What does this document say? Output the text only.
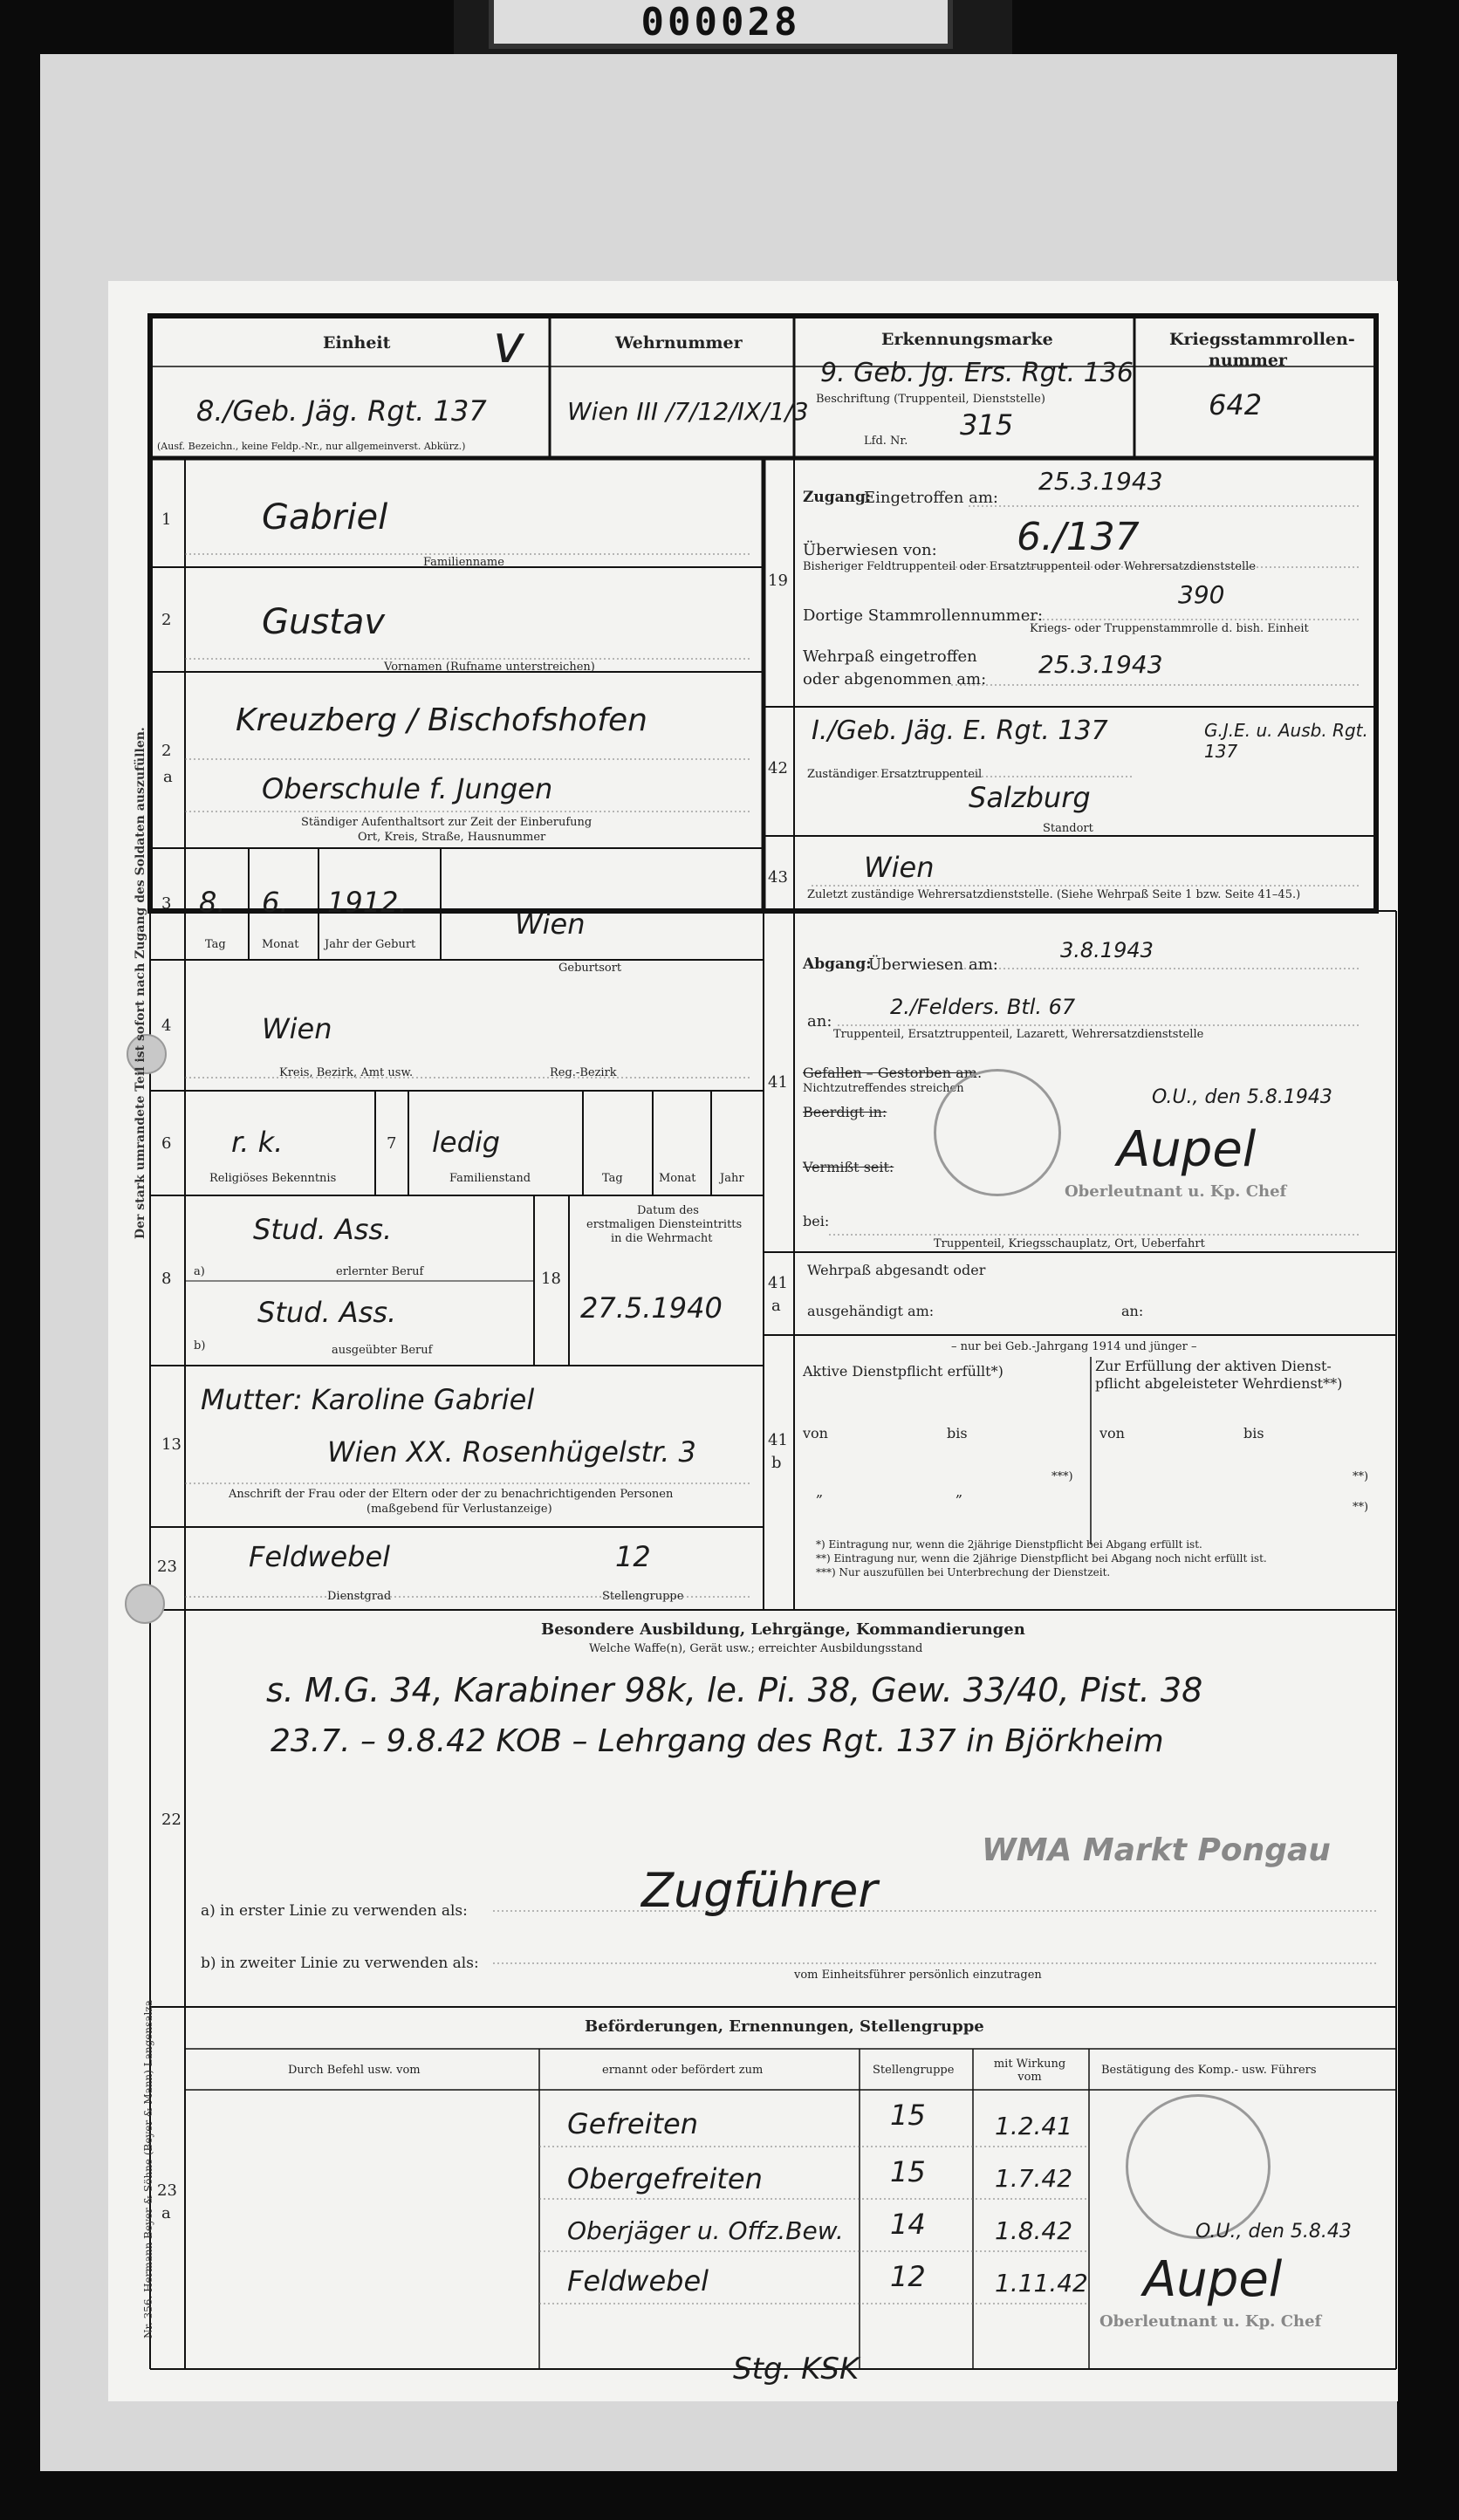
000028
Der stark umrandete Teil ist sofort nach Zugang des Soldaten auszufüllen.
Nr. 356. Hermann Beyer & Söhne (Beyer & Mann) Langensalza
Einheit	Wehrnummer	Erkennungsmarke	Kriegsstammrollen-
nummer
v
8./Geb. Jäg. Rgt. 137
(Ausf. Bezeichn., keine Feldp.-Nr., nur allgemeinverst. Abkürz.)
Wien III /7/12/IX/1/3
9. Geb. Jg. Ers. Rgt. 136
Beschriftung (Truppenteil, Dienststelle)
Lfd. Nr. 315
642
1	Gabriel
Familienname
2	Gustav
Vornamen (Rufname unterstreichen)
2
a
Kreuzberg / Bischofshofen
Oberschule f. Jungen
Ständiger Aufenthaltsort zur Zeit der Einberufung
Ort, Kreis, Straße, Hausnummer
3 8. 6. 1912.
Wien
Tag	Monat Jahr der Geburt
Geburtsort
4	Wien
Kreis, Bezirk, Amt usw.	Reg.-Bezirk
6 r. k.
Religiöses Bekenntnis
7 ledig
Familienstand	Tag	Monat Jahr
8 a)
Stud. Ass.
erlernter Beruf
b)
Stud. Ass.
ausgeübter Beruf
18
Datum des
erstmaligen Diensteintritts
in die Wehrmacht
27.5.1940
13
Mutter: Karoline Gabriel
Wien XX. Rosenhügelstr. 3
Anschrift der Frau oder der Eltern oder der zu benachrichtigenden Personen
(maßgebend für Verlustanzeige)
23	Feldwebel
Dienstgrad
12
Stellengruppe
19
Zugang:
Eingetroffen am:
25.3.1943
Überwiesen von: 6./137
Bisheriger Feldtruppenteil oder Ersatztruppenteil oder Wehrersatzdienststelle
Dortige Stammrollennummer:
390
Kriegs- oder Truppenstammrolle d. bish. Einheit
Wehrpaß eingetroffen
oder abgenommen am:
25.3.1943
42
I./Geb. Jäg. E. Rgt. 137	G.J.E. u. Ausb. Rgt. 137
Zuständiger Ersatztruppenteil
Salzburg
Standort
43	Wien
Zuletzt zuständige Wehrersatzdienststelle. (Siehe Wehrpaß Seite 1 bzw. Seite 41–45.)
41
Abgang:
Überwiesen am:
3.8.1943
an:
2./Felders. Btl. 67
Truppenteil, Ersatztruppenteil, Lazarett, Wehrersatzdienststelle
Gefallen – Gestorben am:
Nichtzutreffendes streichen
Beerdigt in:
Vermißt seit:
bei:
Truppenteil, Kriegsschauplatz, Ort, Ueberfahrt
O.U., den 5.8.1943
Aupel
Oberleutnant u. Kp. Chef
41
a
Wehrpaß abgesandt oder
ausgehändigt am:	an:
41
b
– nur bei Geb.-Jahrgang 1914 und jünger –
Aktive Dienstpflicht erfüllt*)	Zur Erfüllung der aktiven Dienst-
pflicht abgeleisteter Wehrdienst**)
von	bis	von	bis
„	„
***)	**)
**)
*) Eintragung nur, wenn die 2jährige Dienstpflicht bei Abgang erfüllt ist.
**) Eintragung nur, wenn die 2jährige Dienstpflicht bei Abgang noch nicht erfüllt ist.
***) Nur auszufüllen bei Unterbrechung der Dienstzeit.
22
Besondere Ausbildung, Lehrgänge, Kommandierungen
Welche Waffe(n), Gerät usw.; erreichter Ausbildungsstand
s. M.G. 34, Karabiner 98k, le. Pi. 38, Gew. 33/40, Pist. 38
23.7. – 9.8.42 KOB – Lehrgang des Rgt. 137 in Björkheim
WMA Markt Pongau
a) in erster Linie zu verwenden als:	Zugführer
b) in zweiter Linie zu verwenden als:
vom Einheitsführer persönlich einzutragen
23
a
Beförderungen, Ernennungen, Stellengruppe
Durch Befehl usw. vom	ernannt oder befördert zum	Stellengruppe	mit Wirkung vom
Bestätigung des Komp.- usw. Führers
Gefreiten	15	1.2.41
Obergefreiten	15	1.7.42
Oberjäger u. Offz.Bew. 14	1.8.42
Feldwebel	12	1.11.42
O.U., den 5.8.43
Aupel
Oberleutnant u. Kp. Chef
Stg. KSK
